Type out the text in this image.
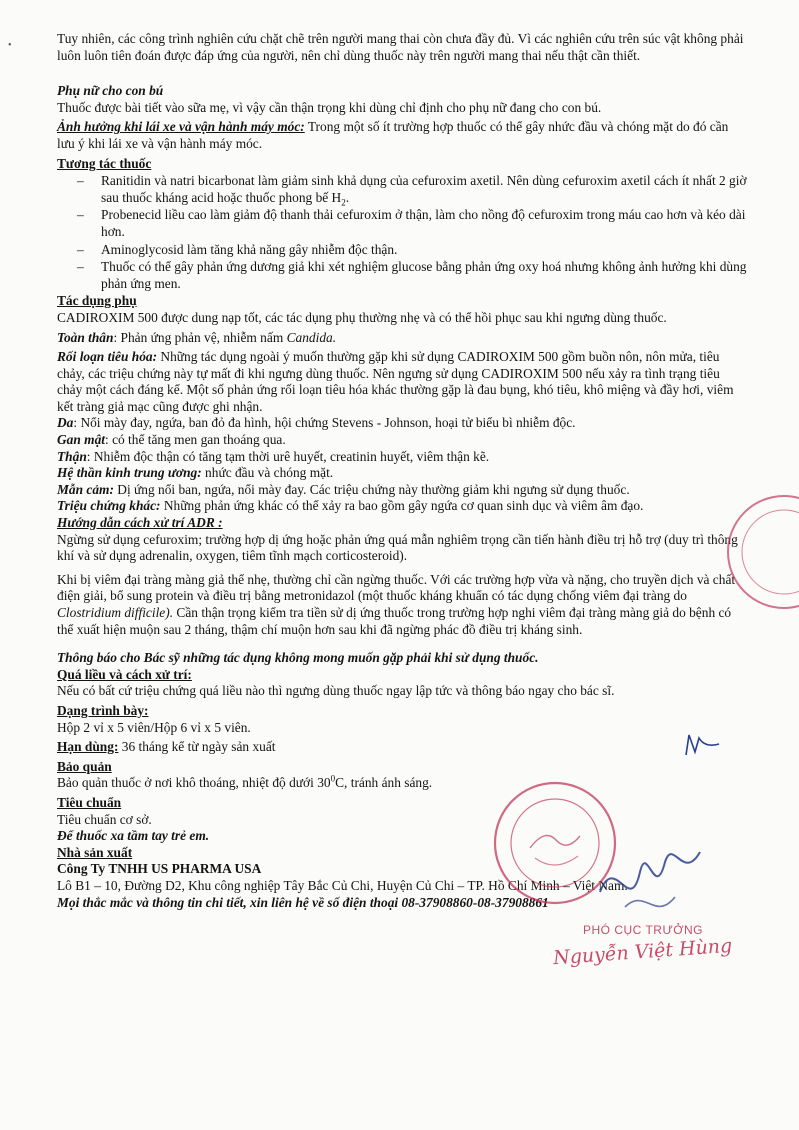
•	Tuy nhiên, các công trình nghiên cứu chặt chẽ trên người mang thai còn chưa đầy đủ. Vì các nghiên cứu trên súc vật không phải luôn luôn tiên đoán được đáp ứng của người, nên chỉ dùng thuốc này trên người mang thai nếu thật cần thiết.

Phụ nữ cho con bú

Thuốc được bài tiết vào sữa mẹ, vì vậy cần thận trọng khi dùng chỉ định cho phụ nữ đang cho con bú.

Ảnh hưởng khi lái xe và vận hành máy móc: Trong một số ít trường hợp thuốc có thể gây nhức đầu và chóng mặt do đó cần lưu ý khi lái xe và vận hành máy móc.

Tương tác thuốc

– Ranitidin và natri bicarbonat làm giảm sinh khả dụng của cefuroxim axetil. Nên dùng cefuroxim axetil cách ít nhất 2 giờ sau thuốc kháng acid hoặc thuốc phong bế $H_2$.
– Probenecid liều cao làm giảm độ thanh thải cefuroxim ở thận, làm cho nồng độ cefuroxim trong máu cao hơn và kéo dài hơn.
– Aminoglycosid làm tăng khả năng gây nhiễm độc thận.
– Thuốc có thể gây phản ứng dương giả khi xét nghiệm glucose bằng phản ứng oxy hoá nhưng không ảnh hưởng khi dùng phản ứng men.

Tác dụng phụ

CADIROXIM 500 được dung nạp tốt, các tác dụng phụ thường nhẹ và có thể hồi phục sau khi ngưng dùng thuốc.

Toàn thân: Phản ứng phản vệ, nhiễm nấm Candida.

Rối loạn tiêu hóa: Những tác dụng ngoài ý muốn thường gặp khi sử dụng CADIROXIM 500 gồm buồn nôn, nôn mửa, tiêu chảy, các triệu chứng này tự mất đi khi ngưng dùng thuốc. Nên ngưng sử dụng CADIROXIM 500 nếu xảy ra tình trạng tiêu chảy một cách đáng kể. Một số phản ứng rối loạn tiêu hóa khác thường gặp là đau bụng, khó tiêu, khô miệng và đầy hơi, viêm kết tràng giả mạc cũng được ghi nhận.

Da: Nổi mày đay, ngứa, ban đỏ đa hình, hội chứng Stevens - Johnson, hoại tử biểu bì nhiễm độc.

Gan mật: có thể tăng men gan thoáng qua.

Thận: Nhiễm độc thận có tăng tạm thời urê huyết, creatinin huyết, viêm thận kẽ.

Hệ thần kinh trung ương: nhức đầu và chóng mặt.

Mẫn cảm: Dị ứng nổi ban, ngứa, nổi mày đay. Các triệu chứng này thường giảm khi ngưng sử dụng thuốc.

Triệu chứng khác: Những phản ứng khác có thể xảy ra bao gồm gây ngứa cơ quan sinh dục và viêm âm đạo.

Hướng dẫn cách xử trí ADR :

Ngừng sử dụng cefuroxim; trường hợp dị ứng hoặc phản ứng quá mẫn nghiêm trọng cần tiến hành điều trị hỗ trợ (duy trì thông khí và sử dụng adrenalin, oxygen, tiêm tĩnh mạch corticosteroid).

Khi bị viêm đại tràng màng giả thể nhẹ, thường chỉ cần ngừng thuốc. Với các trường hợp vừa và nặng, cho truyền dịch và chất điện giải, bổ sung protein và điều trị bằng metronidazol (một thuốc kháng khuẩn có tác dụng chống viêm đại tràng do Clostridium difficile). Cần thận trọng kiểm tra tiền sử dị ứng thuốc trong trường hợp nghi viêm đại tràng màng giả do bệnh có thể xuất hiện muộn sau 2 tháng, thậm chí muộn hơn sau khi đã ngừng phác đồ điều trị kháng sinh.

Thông báo cho Bác sỹ những tác dụng không mong muốn gặp phải khi sử dụng thuốc.

Quá liều và cách xử trí:

Nếu có bất cứ triệu chứng quá liều nào thì ngưng dùng thuốc ngay lập tức và thông báo ngay cho bác sĩ.

Dạng trình bày:

Hộp 2 vỉ x 5 viên/Hộp 6 vỉ x 5 viên.

Hạn dùng: 36 tháng kể từ ngày sản xuất

Bảo quản

Bảo quản thuốc ở nơi khô thoáng, nhiệt độ dưới $30^0C$, tránh ánh sáng.

Tiêu chuẩn

Tiêu chuẩn cơ sở.

Để thuốc xa tầm tay trẻ em.

Nhà sản xuất

Công Ty TNHH US PHARMA USA

Lô B1 – 10, Đường D2, Khu công nghiệp Tây Bắc Củ Chi, Huyện Củ Chi – TP. Hồ Chí Minh – Việt Nam.

Mọi thắc mắc và thông tin chi tiết, xin liên hệ về số điện thoại 08-37908860-08-37908861

PHÓ CỤC TRƯỞNG
Nguyễn Việt Hùng
